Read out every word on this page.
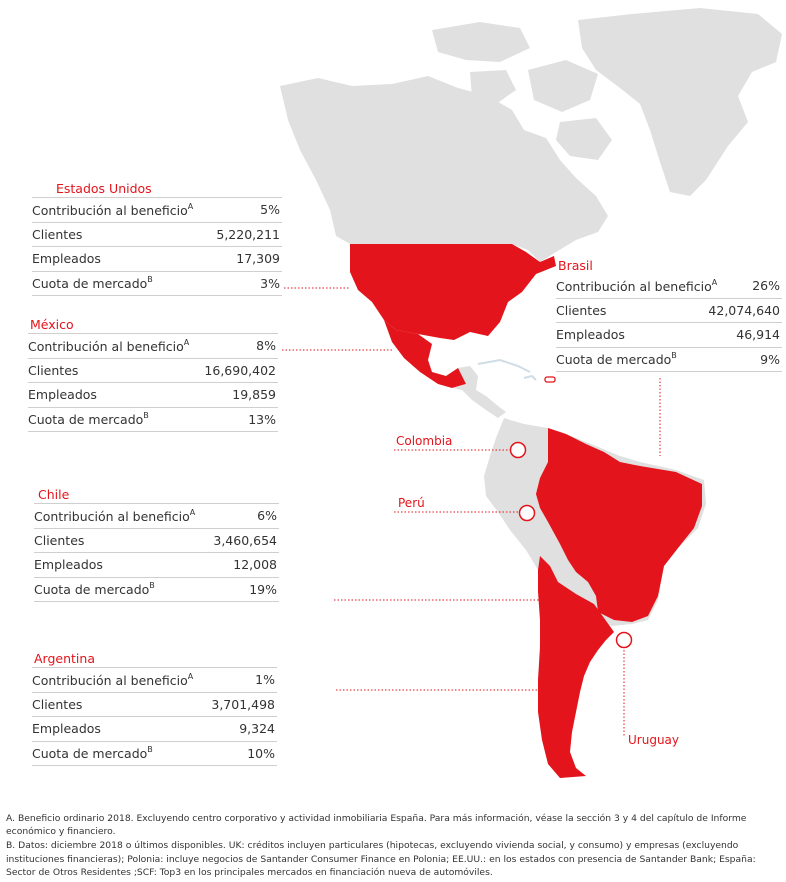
Colombia
Perú
Uruguay
Estados Unidos
Contribución al beneficio$^A$	5%
Clientes	5,220,211
Empleados	17,309
Cuota de mercado$^B$	3%
Brasil
Contribución al beneficio$^A$	26%
Clientes	42,074,640
Empleados	46,914
Cuota de mercado$^B$	9%
México
Contribución al beneficio$^A$	8%
Clientes	16,690,402
Empleados	19,859
Cuota de mercado$^B$	13%
Chile
Contribución al beneficio$^A$	6%
Clientes	3,460,654
Empleados	12,008
Cuota de mercado$^B$	19%
Argentina
Contribución al beneficio$^A$	1%
Clientes	3,701,498
Empleados	9,324
Cuota de mercado$^B$	10%

A. Beneficio ordinario 2018. Excluyendo centro corporativo y actividad inmobiliaria España. Para más información, véase la sección 3 y 4 del capítulo de Informe económico y financiero.

B. Datos: diciembre 2018 o últimos disponibles. UK: créditos incluyen particulares (hipotecas, excluyendo vivienda social, y consumo) y empresas (excluyendo instituciones financieras); Polonia: incluye negocios de Santander Consumer Finance en Polonia; EE.UU.: en los estados con presencia de Santander Bank; España: Sector de Otros Residentes ;SCF: Top3 en los principales mercados en financiación nueva de automóviles.
